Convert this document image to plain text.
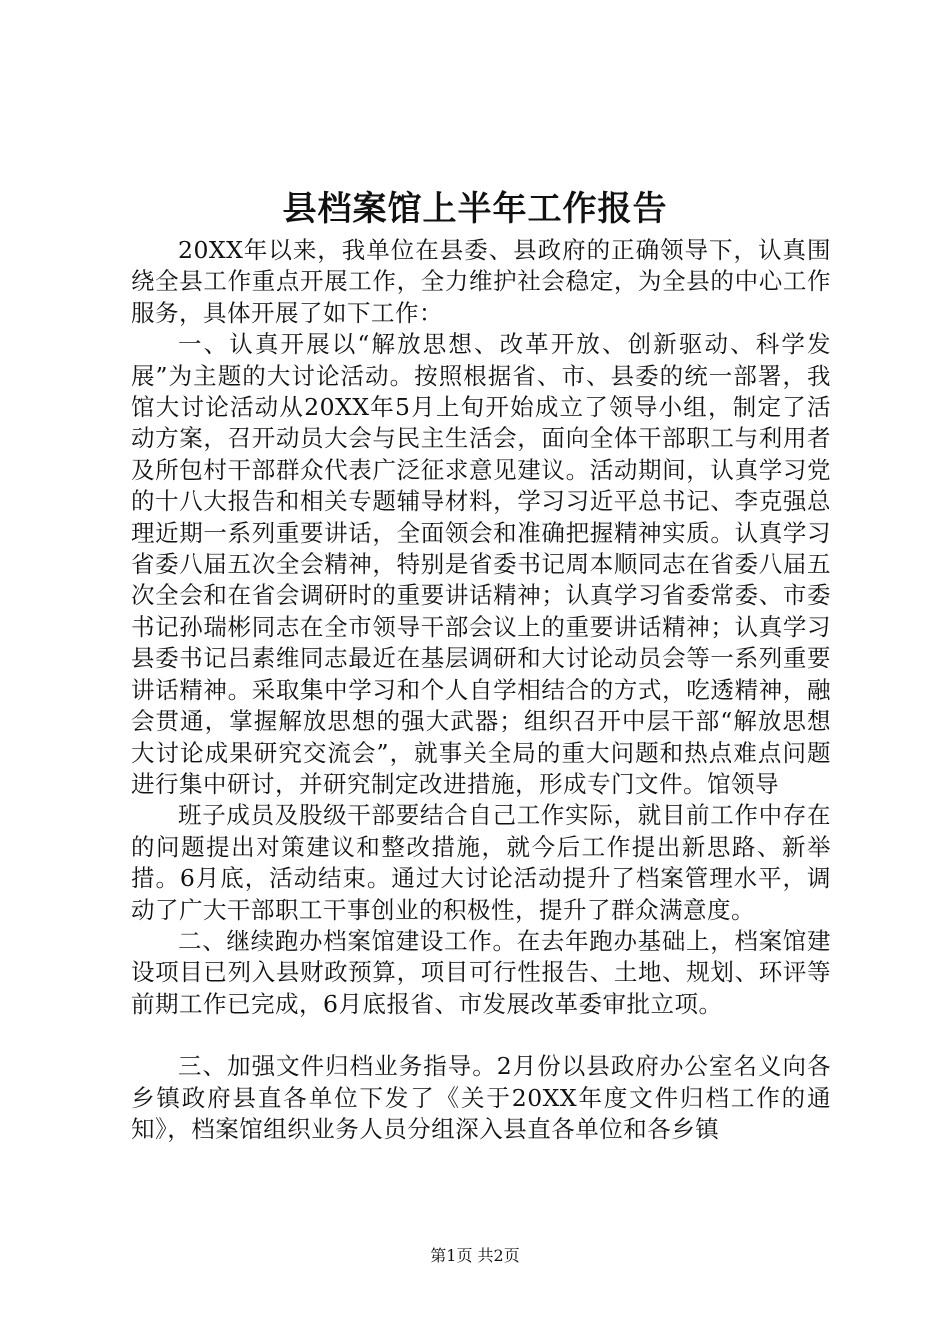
县档案馆上半年工作报告

20XX年以来，我单位在县委、县政府的正确领导下，认真围绕全县工作重点开展工作，全力维护社会稳定，为全县的中心工作服务，具体开展了如下工作：

一、认真开展以“解放思想、改革开放、创新驱动、科学发展”为主题的大讨论活动。按照根据省、市、县委的统一部署，我馆大讨论活动从20XX年5月上旬开始成立了领导小组，制定了活动方案，召开动员大会与民主生活会，面向全体干部职工与利用者及所包村干部群众代表广泛征求意见建议。活动期间，认真学习党的十八大报告和相关专题辅导材料，学习习近平总书记、李克强总理近期一系列重要讲话，全面领会和准确把握精神实质。认真学习省委八届五次全会精神，特别是省委书记周本顺同志在省委八届五次全会和在省会调研时的重要讲话精神；认真学习省委常委、市委书记孙瑞彬同志在全市领导干部会议上的重要讲话精神；认真学习县委书记吕素维同志最近在基层调研和大讨论动员会等一系列重要讲话精神。采取集中学习和个人自学相结合的方式，吃透精神，融会贯通，掌握解放思想的强大武器；组织召开中层干部“解放思想大讨论成果研究交流会”，就事关全局的重大问题和热点难点问题进行集中研讨，并研究制定改进措施，形成专门文件。馆领导

班子成员及股级干部要结合自己工作实际，就目前工作中存在的问题提出对策建议和整改措施，就今后工作提出新思路、新举措。6月底，活动结束。通过大讨论活动提升了档案管理水平，调动了广大干部职工干事创业的积极性，提升了群众满意度。

二、继续跑办档案馆建设工作。在去年跑办基础上，档案馆建设项目已列入县财政预算，项目可行性报告、土地、规划、环评等前期工作已完成，6月底报省、市发展改革委审批立项。

三、加强文件归档业务指导。2月份以县政府办公室名义向各乡镇政府县直各单位下发了《关于20XX年度文件归档工作的通知》，档案馆组织业务人员分组深入县直各单位和各乡镇

第1页 共2页
